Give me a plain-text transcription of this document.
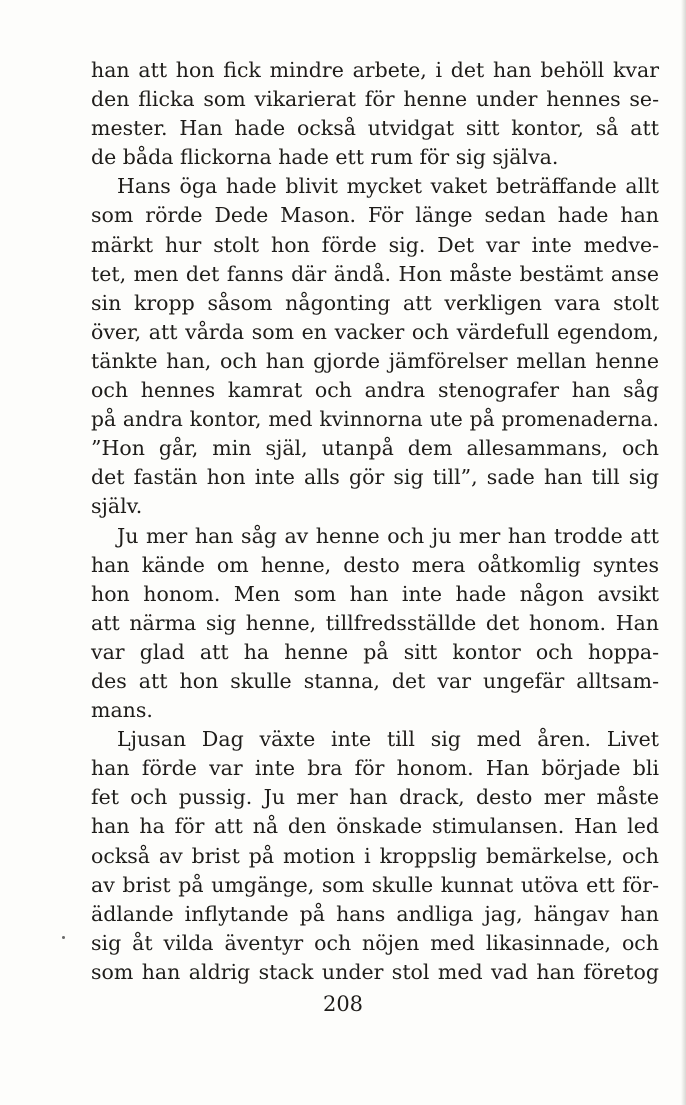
han att hon fick mindre arbete, i det han behöll kvar
den flicka som vikarierat för henne under hennes se-
mester. Han hade också utvidgat sitt kontor, så att
de båda flickorna hade ett rum för sig själva.
Hans öga hade blivit mycket vaket beträffande allt
som rörde Dede Mason. För länge sedan hade han
märkt hur stolt hon förde sig. Det var inte medve-
tet, men det fanns där ändå. Hon måste bestämt anse
sin kropp såsom någonting att verkligen vara stolt
över, att vårda som en vacker och värdefull egendom,
tänkte han, och han gjorde jämförelser mellan henne
och hennes kamrat och andra stenografer han såg
på andra kontor, med kvinnorna ute på promenaderna.
”Hon går, min själ, utanpå dem allesammans, och
det fastän hon inte alls gör sig till”, sade han till sig
själv.
Ju mer han såg av henne och ju mer han trodde att
han kände om henne, desto mera oåtkomlig syntes
hon honom. Men som han inte hade någon avsikt
att närma sig henne, tillfredsställde det honom. Han
var glad att ha henne på sitt kontor och hoppa-
des att hon skulle stanna, det var ungefär alltsam-
mans.
Ljusan Dag växte inte till sig med åren. Livet
han förde var inte bra för honom. Han började bli
fet och pussig. Ju mer han drack, desto mer måste
han ha för att nå den önskade stimulansen. Han led
också av brist på motion i kroppslig bemärkelse, och
av brist på umgänge, som skulle kunnat utöva ett för-
ädlande inflytande på hans andliga jag, hängav han
sig åt vilda äventyr och nöjen med likasinnade, och
som han aldrig stack under stol med vad han företog
208
